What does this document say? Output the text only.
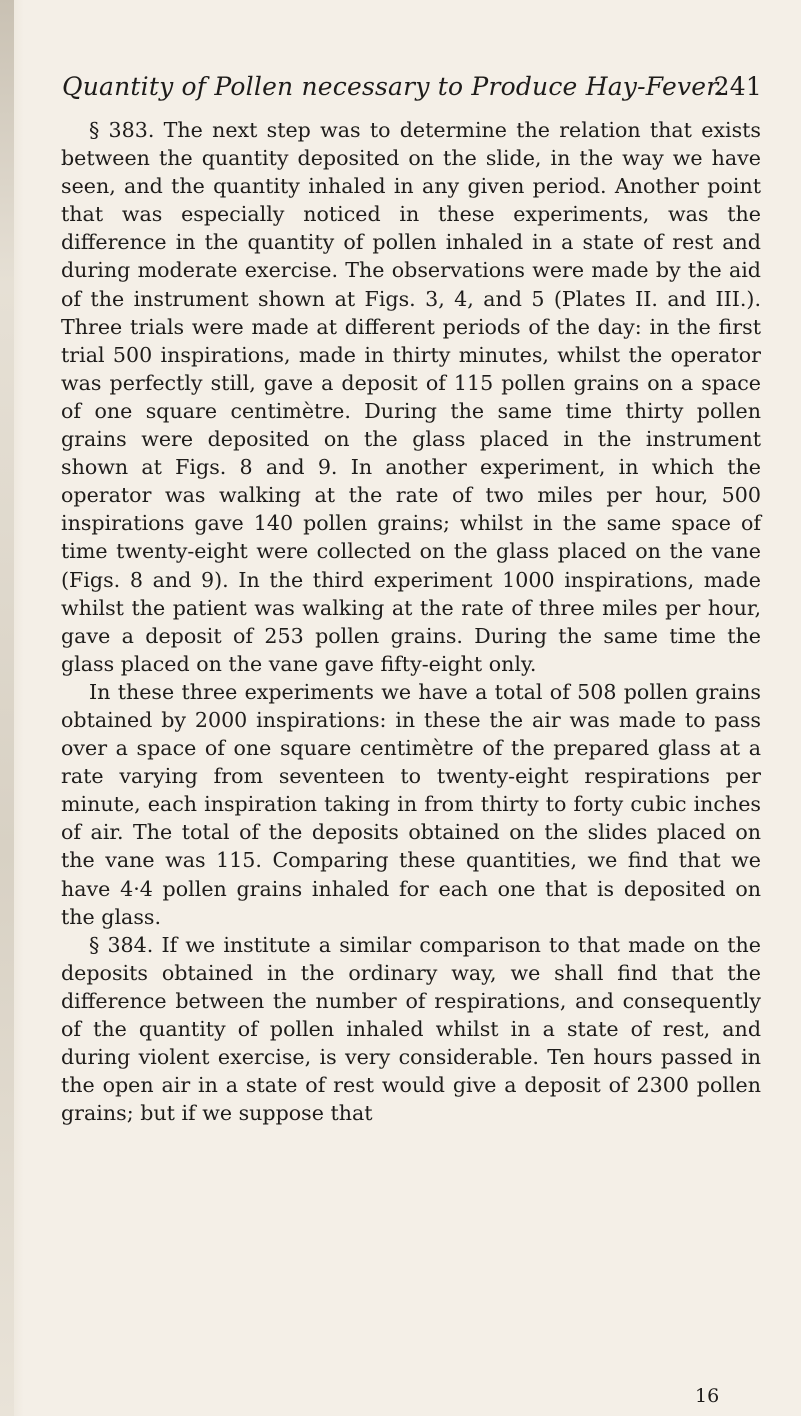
Quantity of Pollen necessary to Produce Hay-Fever.
241

§ 383. The next step was to determine the relation that exists between the quantity deposited on the slide, in the way we have seen, and the quantity inhaled in any given period. Another point that was especially noticed in these experiments, was the difference in the quantity of pollen inhaled in a state of rest and during moderate exercise. The observations were made by the aid of the instrument shown at Figs. 3, 4, and 5 (Plates II. and III.). Three trials were made at different periods of the day: in the first trial 500 inspirations, made in thirty minutes, whilst the operator was perfectly still, gave a deposit of 115 pollen grains on a space of one square centimètre. During the same time thirty pollen grains were deposited on the glass placed in the instrument shown at Figs. 8 and 9. In another experiment, in which the operator was walking at the rate of two miles per hour, 500 inspirations gave 140 pollen grains; whilst in the same space of time twenty-eight were collected on the glass placed on the vane (Figs. 8 and 9). In the third experiment 1000 inspirations, made whilst the patient was walking at the rate of three miles per hour, gave a deposit of 253 pollen grains. During the same time the glass placed on the vane gave fifty-eight only.

In these three experiments we have a total of 508 pollen grains obtained by 2000 inspirations: in these the air was made to pass over a space of one square centimètre of the prepared glass at a rate varying from seventeen to twenty-eight respirations per minute, each inspiration taking in from thirty to forty cubic inches of air. The total of the deposits obtained on the slides placed on the vane was 115. Comparing these quantities, we find that we have 4·4 pollen grains inhaled for each one that is deposited on the glass.

§ 384. If we institute a similar comparison to that made on the deposits obtained in the ordinary way, we shall find that the difference between the number of respirations, and consequently of the quantity of pollen inhaled whilst in a state of rest, and during violent exercise, is very considerable. Ten hours passed in the open air in a state of rest would give a deposit of 2300 pollen grains; but if we suppose that

16
